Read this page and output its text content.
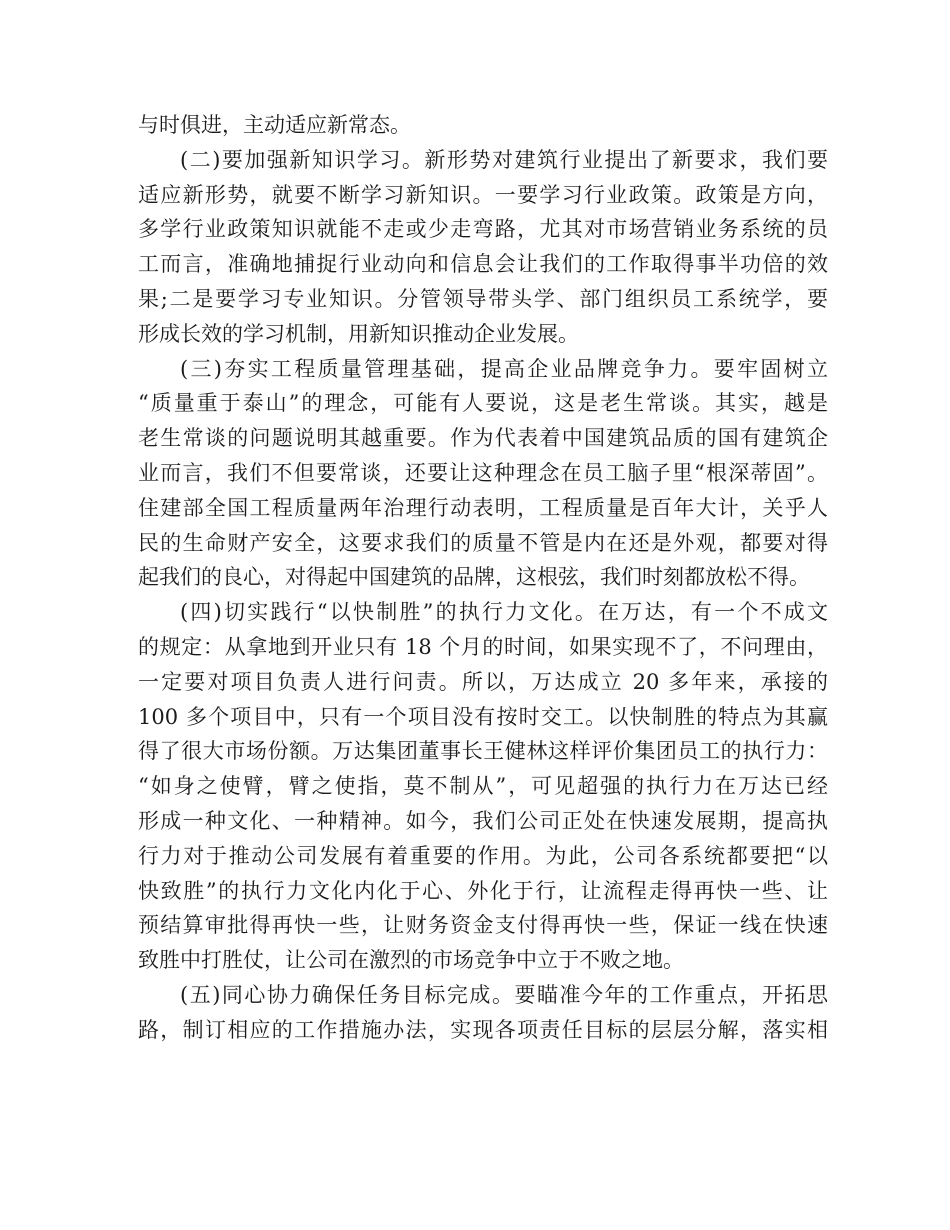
与时俱进，主动适应新常态。
(二)要加强新知识学习。新形势对建筑行业提出了新要求，我们要
适应新形势，就要不断学习新知识。一要学习行业政策。政策是方向，
多学行业政策知识就能不走或少走弯路，尤其对市场营销业务系统的员
工而言，准确地捕捉行业动向和信息会让我们的工作取得事半功倍的效
果;二是要学习专业知识。分管领导带头学、部门组织员工系统学，要
形成长效的学习机制，用新知识推动企业发展。
(三)夯实工程质量管理基础，提高企业品牌竞争力。要牢固树立
“质量重于泰山”的理念，可能有人要说，这是老生常谈。其实，越是
老生常谈的问题说明其越重要。作为代表着中国建筑品质的国有建筑企
业而言，我们不但要常谈，还要让这种理念在员工脑子里“根深蒂固”。
住建部全国工程质量两年治理行动表明，工程质量是百年大计，关乎人
民的生命财产安全，这要求我们的质量不管是内在还是外观，都要对得
起我们的良心，对得起中国建筑的品牌，这根弦，我们时刻都放松不得。
(四)切实践行“以快制胜”的执行力文化。在万达，有一个不成文
的规定：从拿地到开业只有 18 个月的时间，如果实现不了，不问理由，
一定要对项目负责人进行问责。所以，万达成立 20 多年来，承接的
100 多个项目中，只有一个项目没有按时交工。以快制胜的特点为其赢
得了很大市场份额。万达集团董事长王健林这样评价集团员工的执行力：
“如身之使臂，臂之使指，莫不制从”，可见超强的执行力在万达已经
形成一种文化、一种精神。如今，我们公司正处在快速发展期，提高执
行力对于推动公司发展有着重要的作用。为此，公司各系统都要把“以
快致胜”的执行力文化内化于心、外化于行，让流程走得再快一些、让
预结算审批得再快一些，让财务资金支付得再快一些，保证一线在快速
致胜中打胜仗，让公司在激烈的市场竞争中立于不败之地。
(五)同心协力确保任务目标完成。要瞄准今年的工作重点，开拓思
路，制订相应的工作措施办法，实现各项责任目标的层层分解，落实相
